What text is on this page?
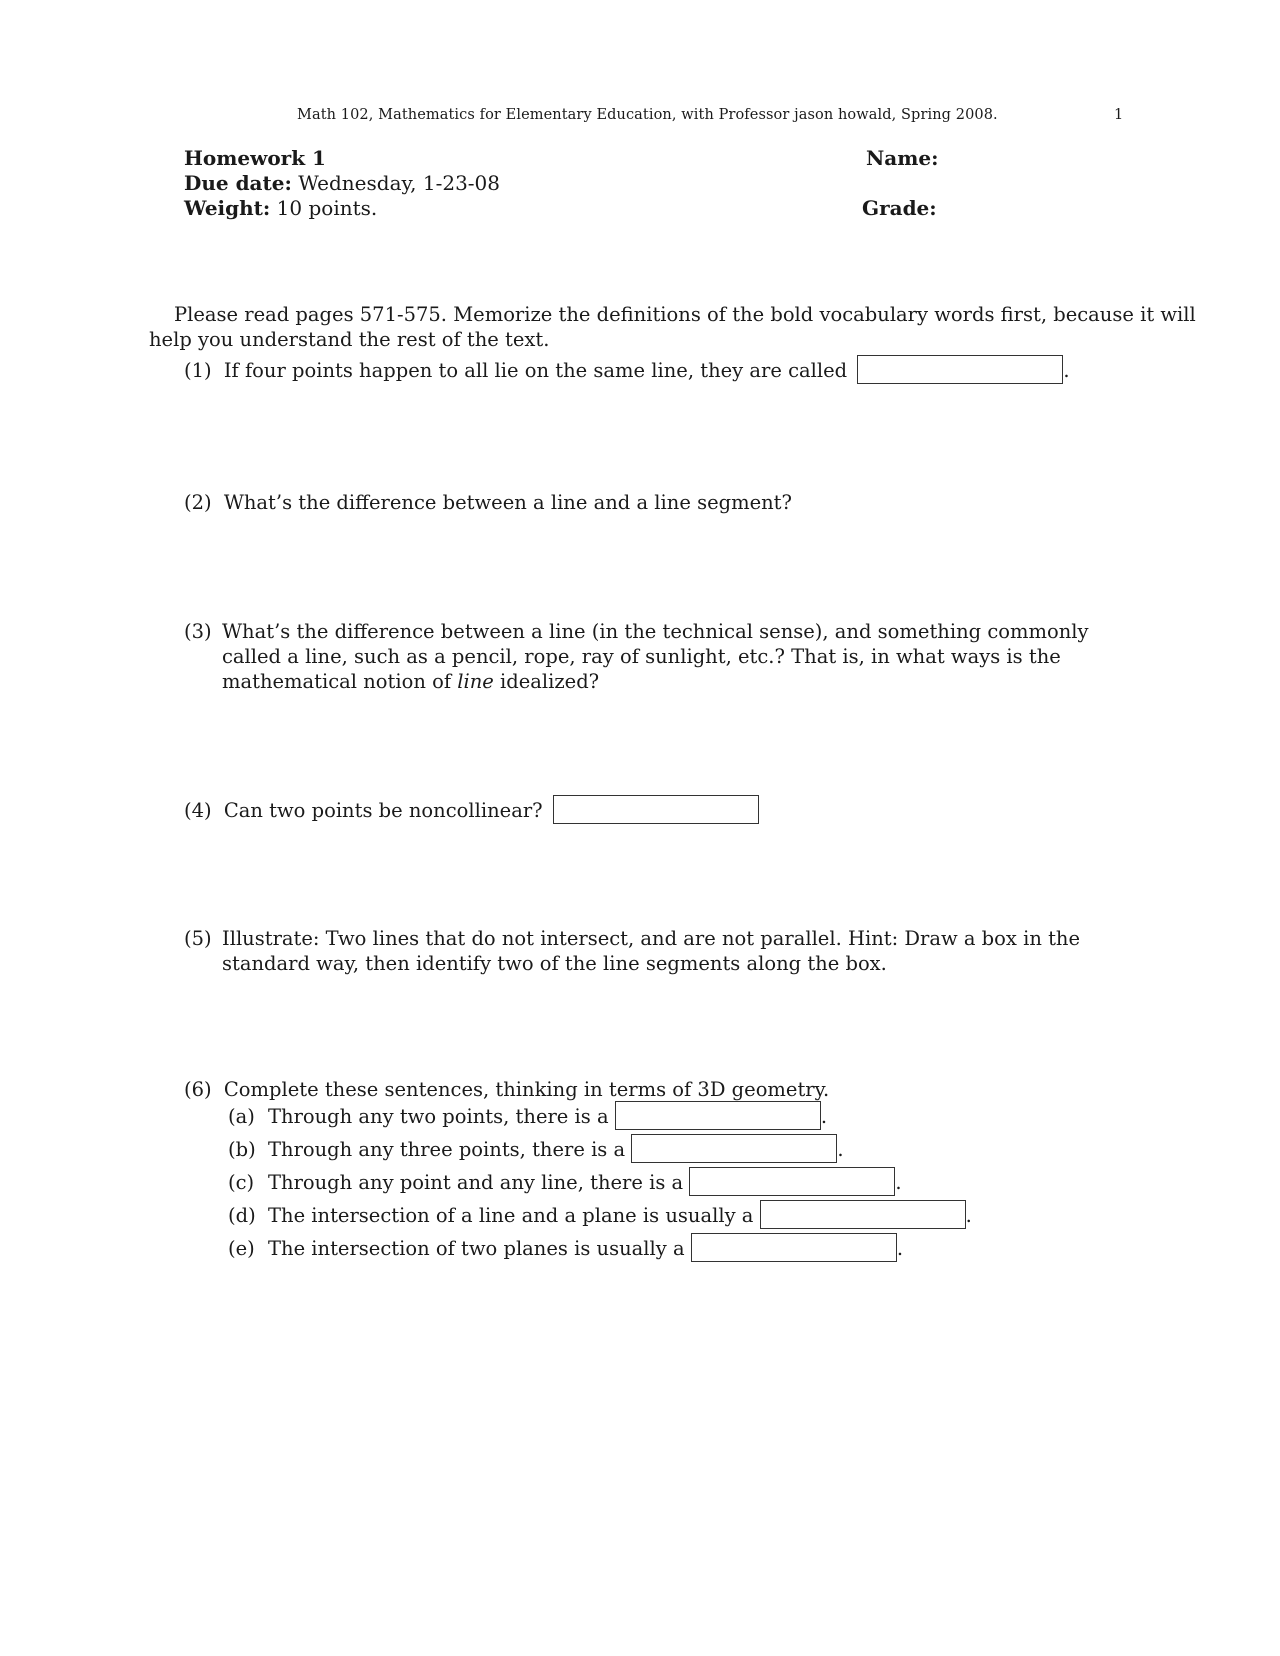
Math 102, Mathematics for Elementary Education, with Professor jason howald, Spring 2008.	1
Homework 1
Due date: Wednesday, 1-23-08
Weight: 10 points.
Name:
Grade:
Please read pages 571-575. Memorize the definitions of the bold vocabulary words first, because it will
help you understand the rest of the text.
(1) If four points happen to all lie on the same line, they are called	.
(2) What’s the difference between a line and a line segment?
(3) What’s the difference between a line (in the technical sense), and something commonly called a line, such as a pencil, rope, ray of sunlight, etc.? That is, in what ways is the mathematical notion of line idealized?
(4) Can two points be noncollinear?
(5) Illustrate: Two lines that do not intersect, and are not parallel. Hint: Draw a box in the standard way, then identify two of the line segments along the box.
(6) Complete these sentences, thinking in terms of 3D geometry.
(a) Through any two points, there is a	.
(b) Through any three points, there is a	.
(c) Through any point and any line, there is a	.
(d) The intersection of a line and a plane is usually a	.
(e) The intersection of two planes is usually a	.
